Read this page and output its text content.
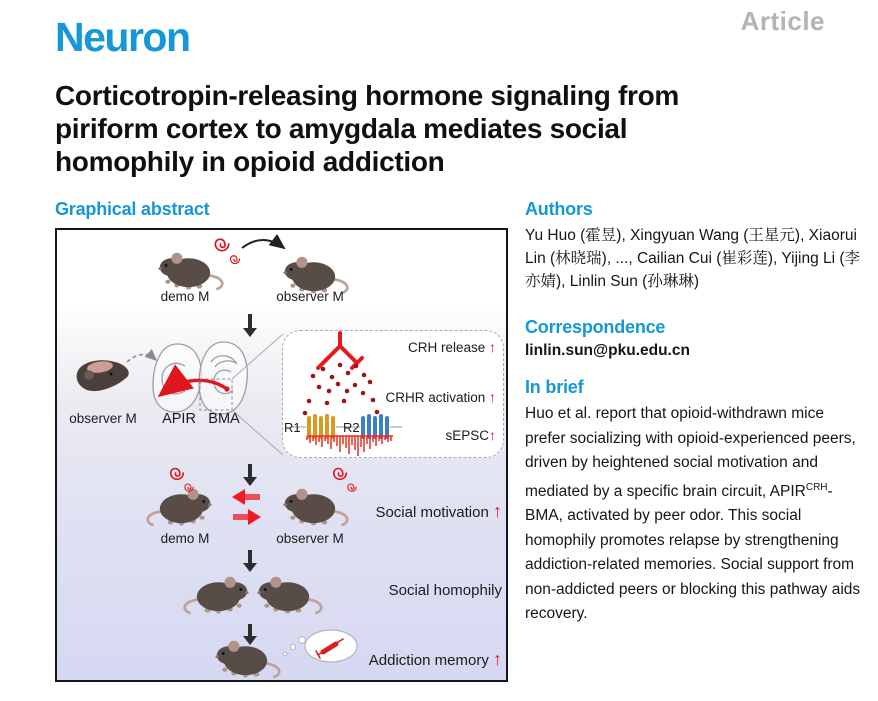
Neuron	Article
Corticotropin-releasing hormone signaling from
piriform cortex to amygdala mediates social
homophily in opioid addiction
Graphical abstract
demo M	observer M
observer M APIR BMA
R1	R2
CRH release ↑
CRHR activation ↑
sEPSC↑
demo M	observer M
Social motivation ↑
Social homophily
Addiction memory ↑
Authors
Yu Huo (霍昱), Xingyuan Wang (王星元), Xiaorui Lin (林晓瑞), ..., Cailian Cui (崔彩莲), Yijing Li (李亦婧), Linlin Sun (孙琳琳)
Correspondence
linlin.sun@pku.edu.cn
In brief
Huo et al. report that opioid-withdrawn mice prefer socializing with opioid-experienced peers, driven by heightened social motivation and mediated by a specific brain circuit, $APIR^{CRH}$-BMA, activated by peer odor. This social homophily promotes relapse by strengthening addiction-related memories. Social support from non-addicted peers or blocking this pathway aids recovery.
